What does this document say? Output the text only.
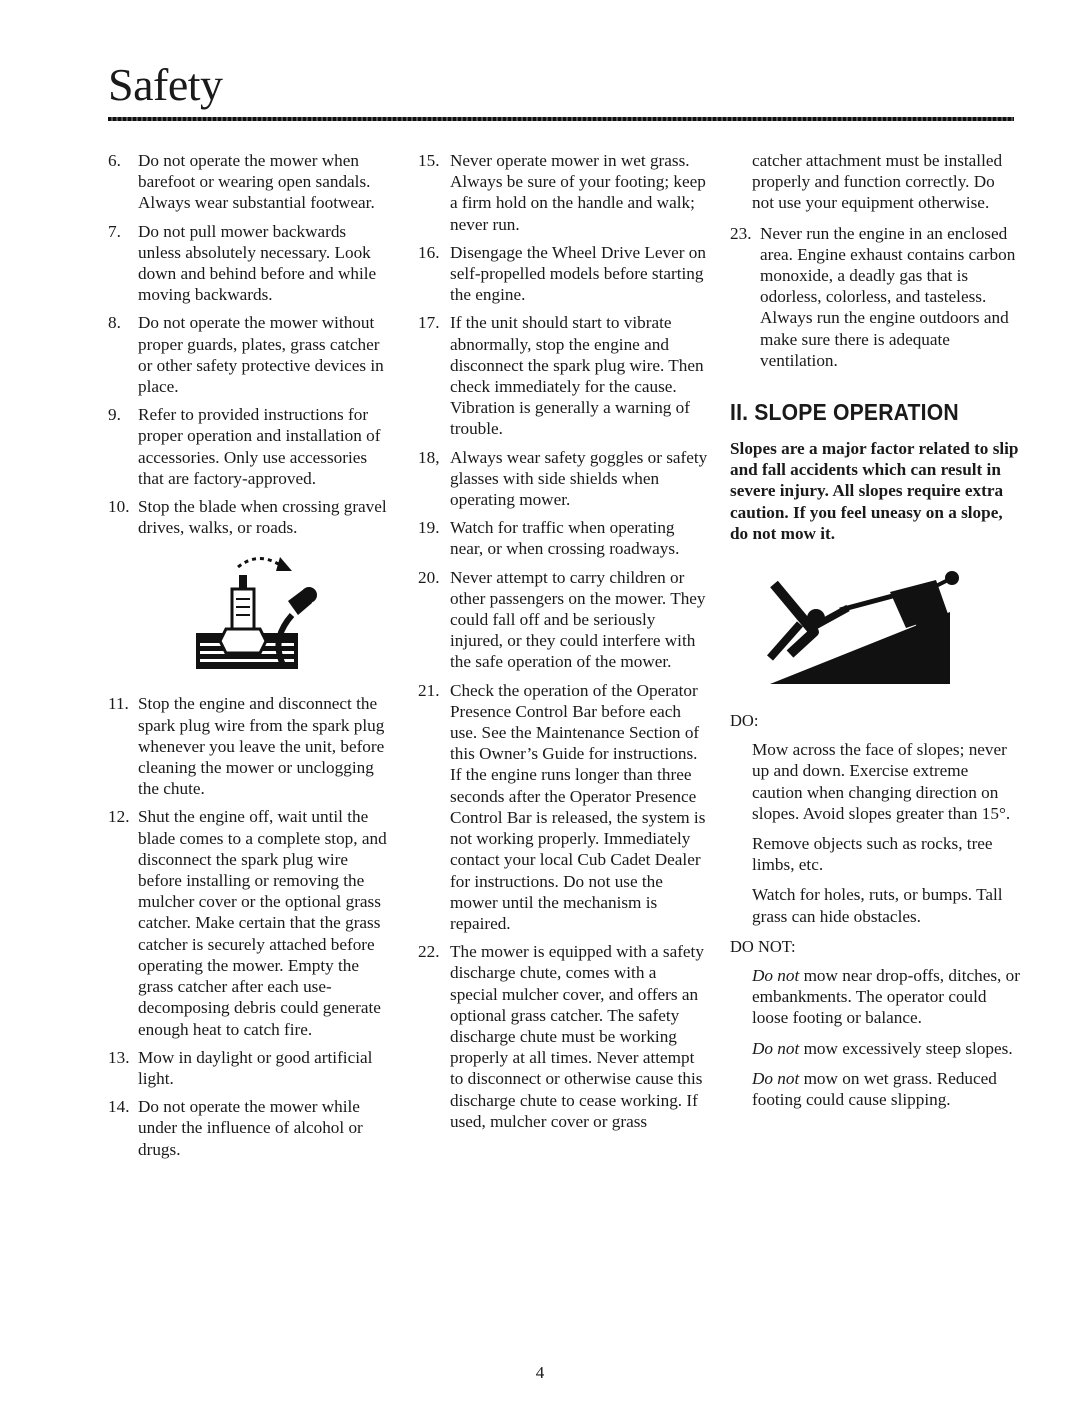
Safety
6. Do not operate the mower when barefoot or wearing open sandals. Always wear substantial footwear.
7. Do not pull mower backwards unless absolutely necessary. Look down and behind before and while moving backwards.
8. Do not operate the mower without proper guards, plates, grass catcher or other safety protective devices in place.
9. Refer to provided instructions for proper operation and installation of accessories. Only use accessories that are factory-approved.
10. Stop the blade when crossing gravel drives, walks, or roads.
11. Stop the engine and disconnect the spark plug wire from the spark plug whenever you leave the unit, before cleaning the mower or unclogging the chute.
12. Shut the engine off, wait until the blade comes to a complete stop, and disconnect the spark plug wire before installing or removing the mulcher cover or the optional grass catcher. Make certain that the grass catcher is securely attached before operating the mower. Empty the grass catcher after each use- decomposing debris could generate enough heat to catch fire.
13. Mow in daylight or good artificial light.
14. Do not operate the mower while under the influence of alcohol or drugs.
15. Never operate mower in wet grass. Always be sure of your footing; keep a firm hold on the handle and walk; never run.
16. Disengage the Wheel Drive Lever on self-propelled models before starting the engine.
17. If the unit should start to vibrate abnormally, stop the engine and disconnect the spark plug wire. Then check immediately for the cause. Vibration is generally a warning of trouble.
18, Always wear safety goggles or safety glasses with side shields when operating mower.
19. Watch for traffic when operating near, or when crossing roadways.
20. Never attempt to carry children or other passengers on the mower. They could fall off and be seriously injured, or they could interfere with the safe operation of the mower.
21. Check the operation of the Operator Presence Control Bar before each use. See the Maintenance Section of this Owner’s Guide for instructions. If the engine runs longer than three seconds after the Operator Presence Control Bar is released, the system is not working properly. Immediately contact your local Cub Cadet Dealer for instructions. Do not use the mower until the mechanism is repaired.
22. The mower is equipped with a safety discharge chute, comes with a special mulcher cover, and offers an optional grass catcher. The safety discharge chute must be working properly at all times. Never attempt to disconnect or otherwise cause this discharge chute to cease working. If used, mulcher cover or grass

catcher attachment must be installed properly and function correctly. Do not use your equipment otherwise.

23. Never run the engine in an enclosed area. Engine exhaust contains carbon monoxide, a deadly gas that is odorless, colorless, and tasteless. Always run the engine outdoors and make sure there is adequate ventilation.
II. SLOPE OPERATION

Slopes are a major factor related to slip and fall accidents which can result in severe injury. All slopes require extra caution. If you feel uneasy on a slope, do not mow it.

DO:

Mow across the face of slopes; never up and down. Exercise extreme caution when changing direction on slopes. Avoid slopes greater than 15°.

Remove objects such as rocks, tree limbs, etc.

Watch for holes, ruts, or bumps. Tall grass can hide obstacles.

DO NOT:

Do not mow near drop-offs, ditches, or embankments. The operator could loose footing or balance.

Do not mow excessively steep slopes.

Do not mow on wet grass. Reduced footing could cause slipping.

4
